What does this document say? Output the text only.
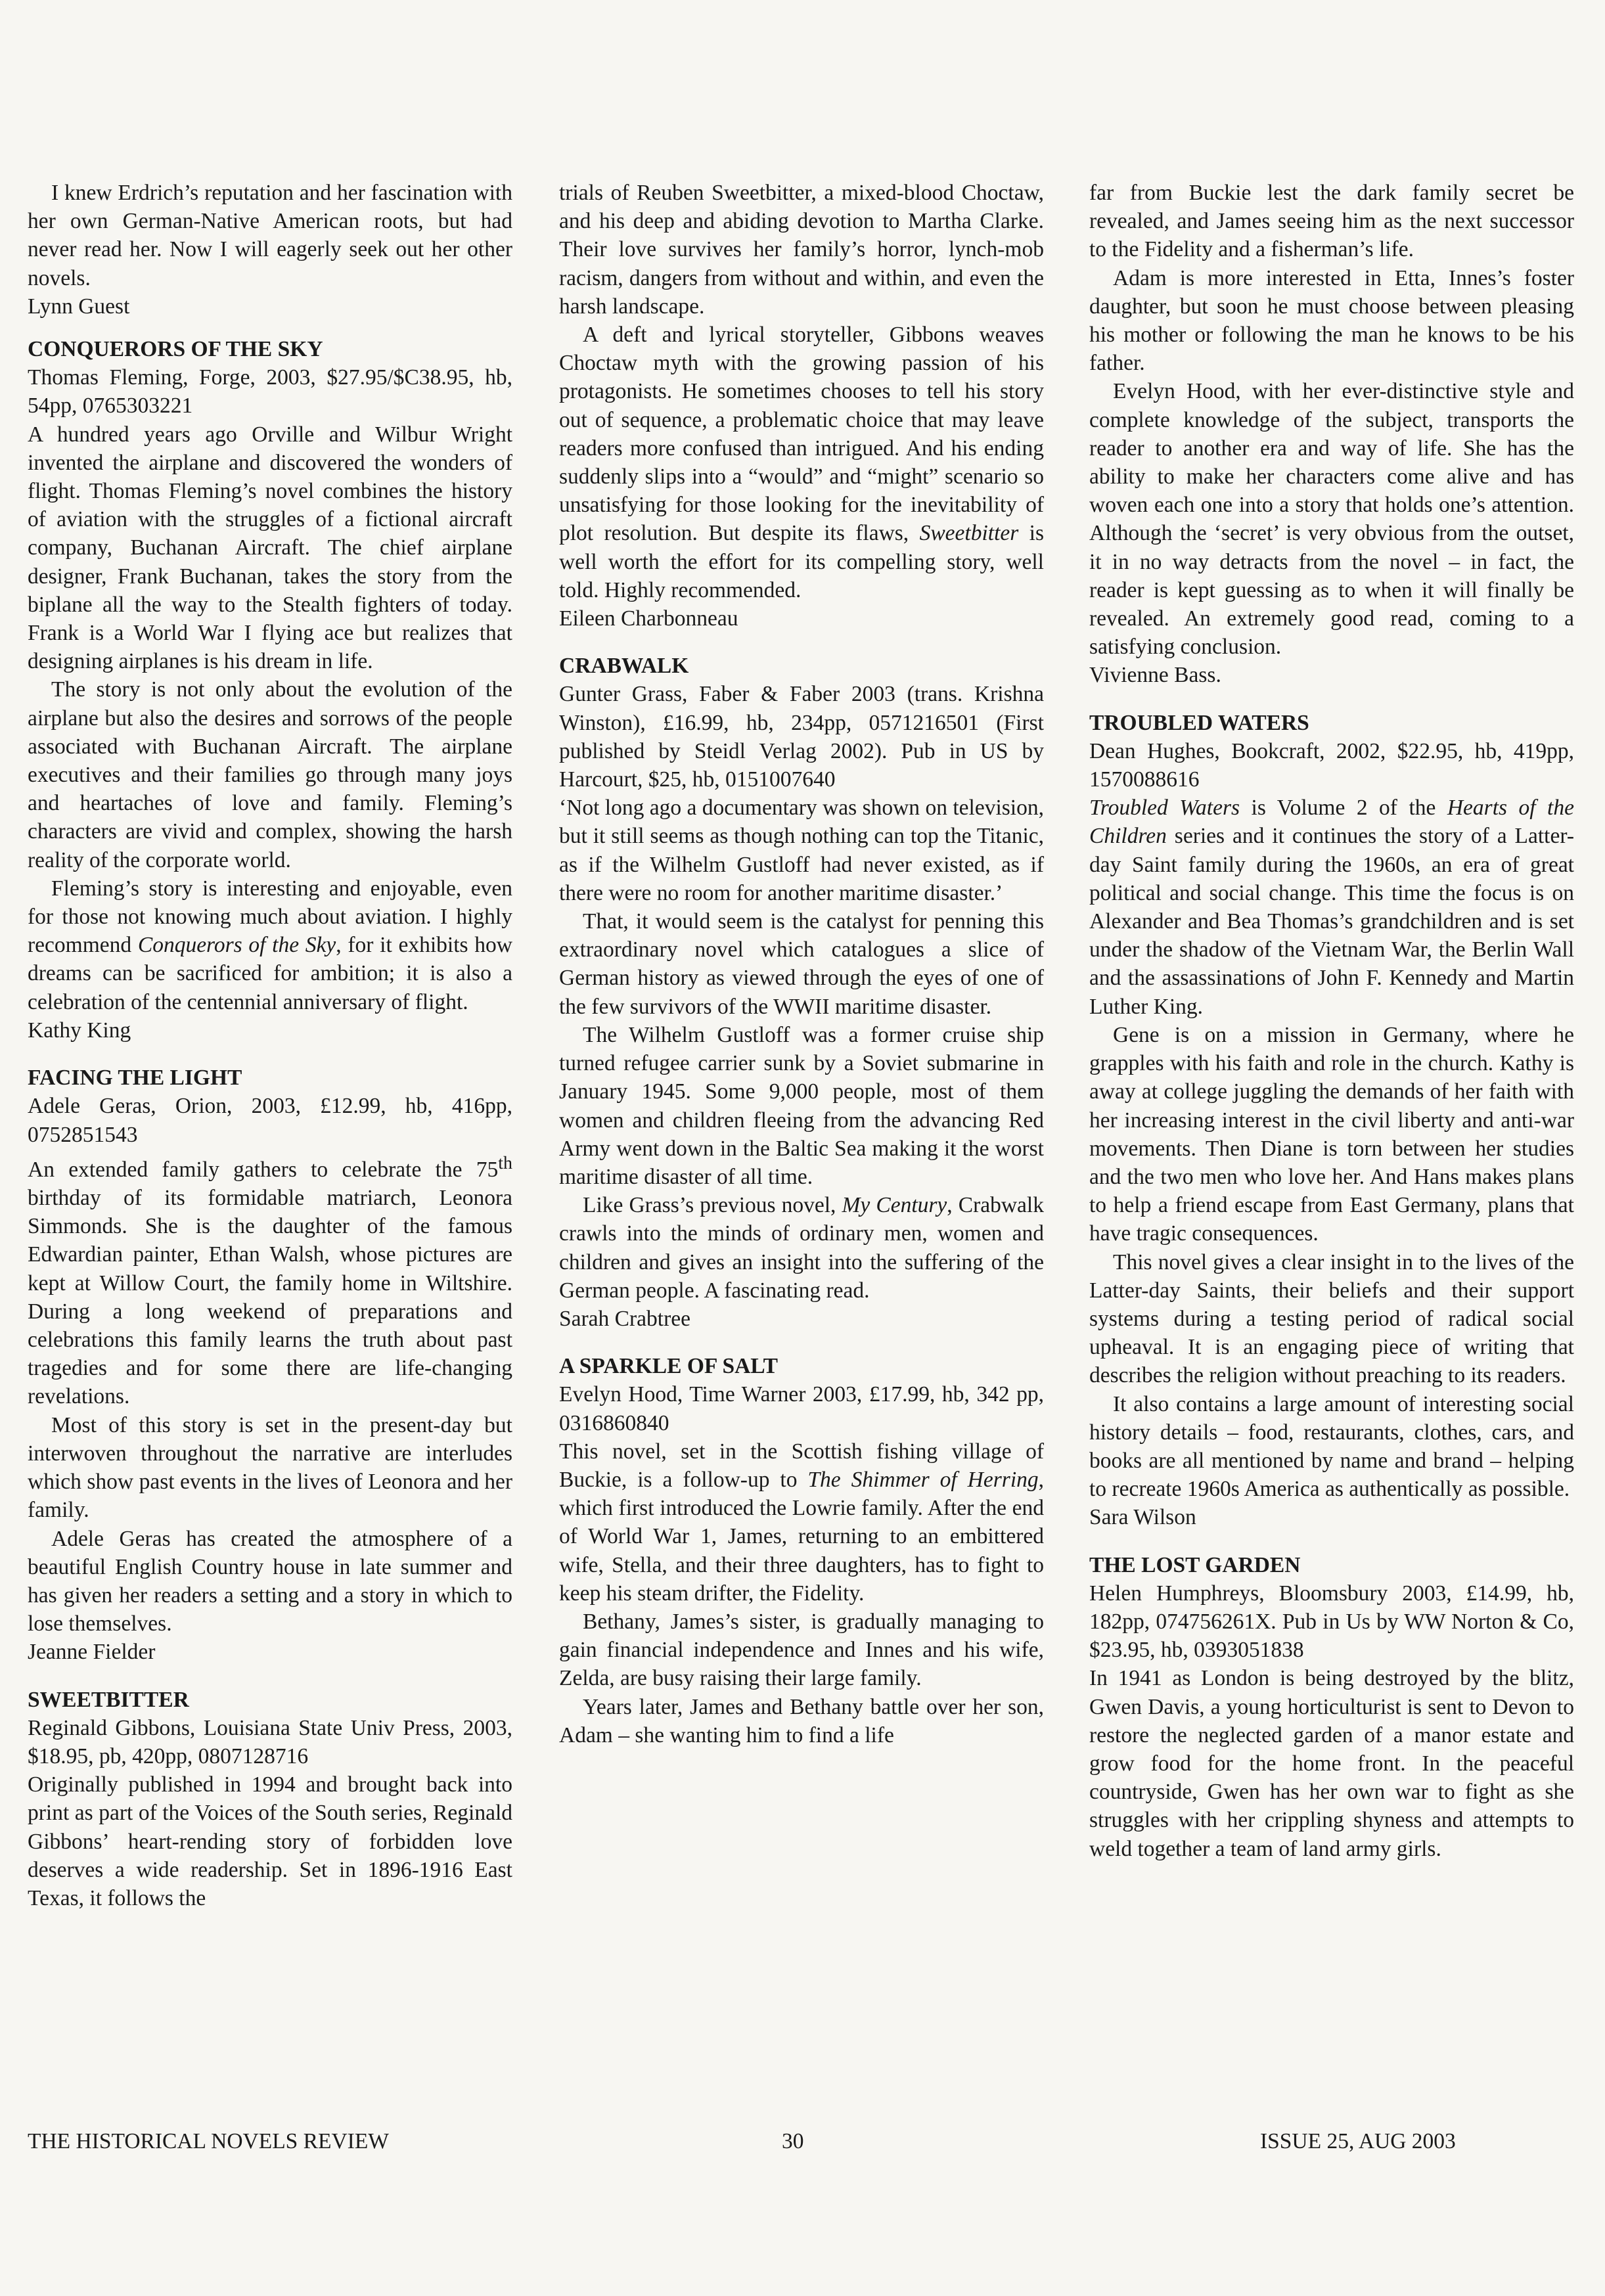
I knew Erdrich’s reputation and her fascination with her own German-Native American roots, but had never read her. Now I will eagerly seek out her other novels.

Lynn Guest

CONQUERORS OF THE SKY

Thomas Fleming, Forge, 2003, $27.95/$C38.95, hb, 54pp, 0765303221

A hundred years ago Orville and Wilbur Wright invented the airplane and discovered the wonders of flight. Thomas Fleming’s novel combines the history of aviation with the struggles of a fictional aircraft company, Buchanan Aircraft. The chief airplane designer, Frank Buchanan, takes the story from the biplane all the way to the Stealth fighters of today. Frank is a World War I flying ace but realizes that designing airplanes is his dream in life.

The story is not only about the evolution of the airplane but also the desires and sorrows of the people associated with Buchanan Aircraft. The airplane executives and their families go through many joys and heartaches of love and family. Fleming’s characters are vivid and complex, showing the harsh reality of the corporate world.

Fleming’s story is interesting and enjoyable, even for those not knowing much about aviation. I highly recommend Conquerors of the Sky, for it exhibits how dreams can be sacrificed for ambition; it is also a celebration of the centennial anniversary of flight.

Kathy King

FACING THE LIGHT

Adele Geras, Orion, 2003, £12.99, hb, 416pp, 0752851543

An extended family gathers to celebrate the 75th birthday of its formidable matriarch, Leonora Simmonds. She is the daughter of the famous Edwardian painter, Ethan Walsh, whose pictures are kept at Willow Court, the family home in Wiltshire. During a long weekend of preparations and celebrations this family learns the truth about past tragedies and for some there are life-changing revelations.

Most of this story is set in the present-day but interwoven throughout the narrative are interludes which show past events in the lives of Leonora and her family.

Adele Geras has created the atmosphere of a beautiful English Country house in late summer and has given her readers a setting and a story in which to lose themselves.

Jeanne Fielder

SWEETBITTER

Reginald Gibbons, Louisiana State Univ Press, 2003, $18.95, pb, 420pp, 0807128716

Originally published in 1994 and brought back into print as part of the Voices of the South series, Reginald Gibbons’ heart-rending story of forbidden love deserves a wide readership. Set in 1896-1916 East Texas, it follows the

trials of Reuben Sweetbitter, a mixed-blood Choctaw, and his deep and abiding devotion to Martha Clarke. Their love survives her family’s horror, lynch-mob racism, dangers from without and within, and even the harsh landscape.

A deft and lyrical storyteller, Gibbons weaves Choctaw myth with the growing passion of his protagonists. He sometimes chooses to tell his story out of sequence, a problematic choice that may leave readers more confused than intrigued. And his ending suddenly slips into a “would” and “might” scenario so unsatisfying for those looking for the inevitability of plot resolution. But despite its flaws, Sweetbitter is well worth the effort for its compelling story, well told. Highly recommended.

Eileen Charbonneau

CRABWALK

Gunter Grass, Faber & Faber 2003 (trans. Krishna Winston), £16.99, hb, 234pp, 0571216501 (First published by Steidl Verlag 2002). Pub in US by Harcourt, $25, hb, 0151007640

‘Not long ago a documentary was shown on television, but it still seems as though nothing can top the Titanic, as if the Wilhelm Gustloff had never existed, as if there were no room for another maritime disaster.’

That, it would seem is the catalyst for penning this extraordinary novel which catalogues a slice of German history as viewed through the eyes of one of the few survivors of the WWII maritime disaster.

The Wilhelm Gustloff was a former cruise ship turned refugee carrier sunk by a Soviet submarine in January 1945. Some 9,000 people, most of them women and children fleeing from the advancing Red Army went down in the Baltic Sea making it the worst maritime disaster of all time.

Like Grass’s previous novel, My Century, Crabwalk crawls into the minds of ordinary men, women and children and gives an insight into the suffering of the German people. A fascinating read.

Sarah Crabtree

A SPARKLE OF SALT

Evelyn Hood, Time Warner 2003, £17.99, hb, 342 pp, 0316860840

This novel, set in the Scottish fishing village of Buckie, is a follow-up to The Shimmer of Herring, which first introduced the Lowrie family. After the end of World War 1, James, returning to an embittered wife, Stella, and their three daughters, has to fight to keep his steam drifter, the Fidelity.

Bethany, James’s sister, is gradually managing to gain financial independence and Innes and his wife, Zelda, are busy raising their large family.

Years later, James and Bethany battle over her son, Adam – she wanting him to find a life

far from Buckie lest the dark family secret be revealed, and James seeing him as the next successor to the Fidelity and a fisherman’s life.

Adam is more interested in Etta, Innes’s foster daughter, but soon he must choose between pleasing his mother or following the man he knows to be his father.

Evelyn Hood, with her ever-distinctive style and complete knowledge of the subject, transports the reader to another era and way of life. She has the ability to make her characters come alive and has woven each one into a story that holds one’s attention. Although the ‘secret’ is very obvious from the outset, it in no way detracts from the novel – in fact, the reader is kept guessing as to when it will finally be revealed. An extremely good read, coming to a satisfying conclusion.

Vivienne Bass.

TROUBLED WATERS

Dean Hughes, Bookcraft, 2002, $22.95, hb, 419pp, 1570088616

Troubled Waters is Volume 2 of the Hearts of the Children series and it continues the story of a Latter-day Saint family during the 1960s, an era of great political and social change. This time the focus is on Alexander and Bea Thomas’s grandchildren and is set under the shadow of the Vietnam War, the Berlin Wall and the assassinations of John F. Kennedy and Martin Luther King.

Gene is on a mission in Germany, where he grapples with his faith and role in the church. Kathy is away at college juggling the demands of her faith with her increasing interest in the civil liberty and anti-war movements. Then Diane is torn between her studies and the two men who love her. And Hans makes plans to help a friend escape from East Germany, plans that have tragic consequences.

This novel gives a clear insight in to the lives of the Latter-day Saints, their beliefs and their support systems during a testing period of radical social upheaval. It is an engaging piece of writing that describes the religion without preaching to its readers.

It also contains a large amount of interesting social history details – food, restaurants, clothes, cars, and books are all mentioned by name and brand – helping to recreate 1960s America as authentically as possible.

Sara Wilson

THE LOST GARDEN

Helen Humphreys, Bloomsbury 2003, £14.99, hb, 182pp, 074756261X. Pub in Us by WW Norton & Co, $23.95, hb, 0393051838

In 1941 as London is being destroyed by the blitz, Gwen Davis, a young horticulturist is sent to Devon to restore the neglected garden of a manor estate and grow food for the home front. In the peaceful countryside, Gwen has her own war to fight as she struggles with her crippling shyness and attempts to weld together a team of land army girls.

THE HISTORICAL NOVELS REVIEW	30	ISSUE 25, AUG 2003
